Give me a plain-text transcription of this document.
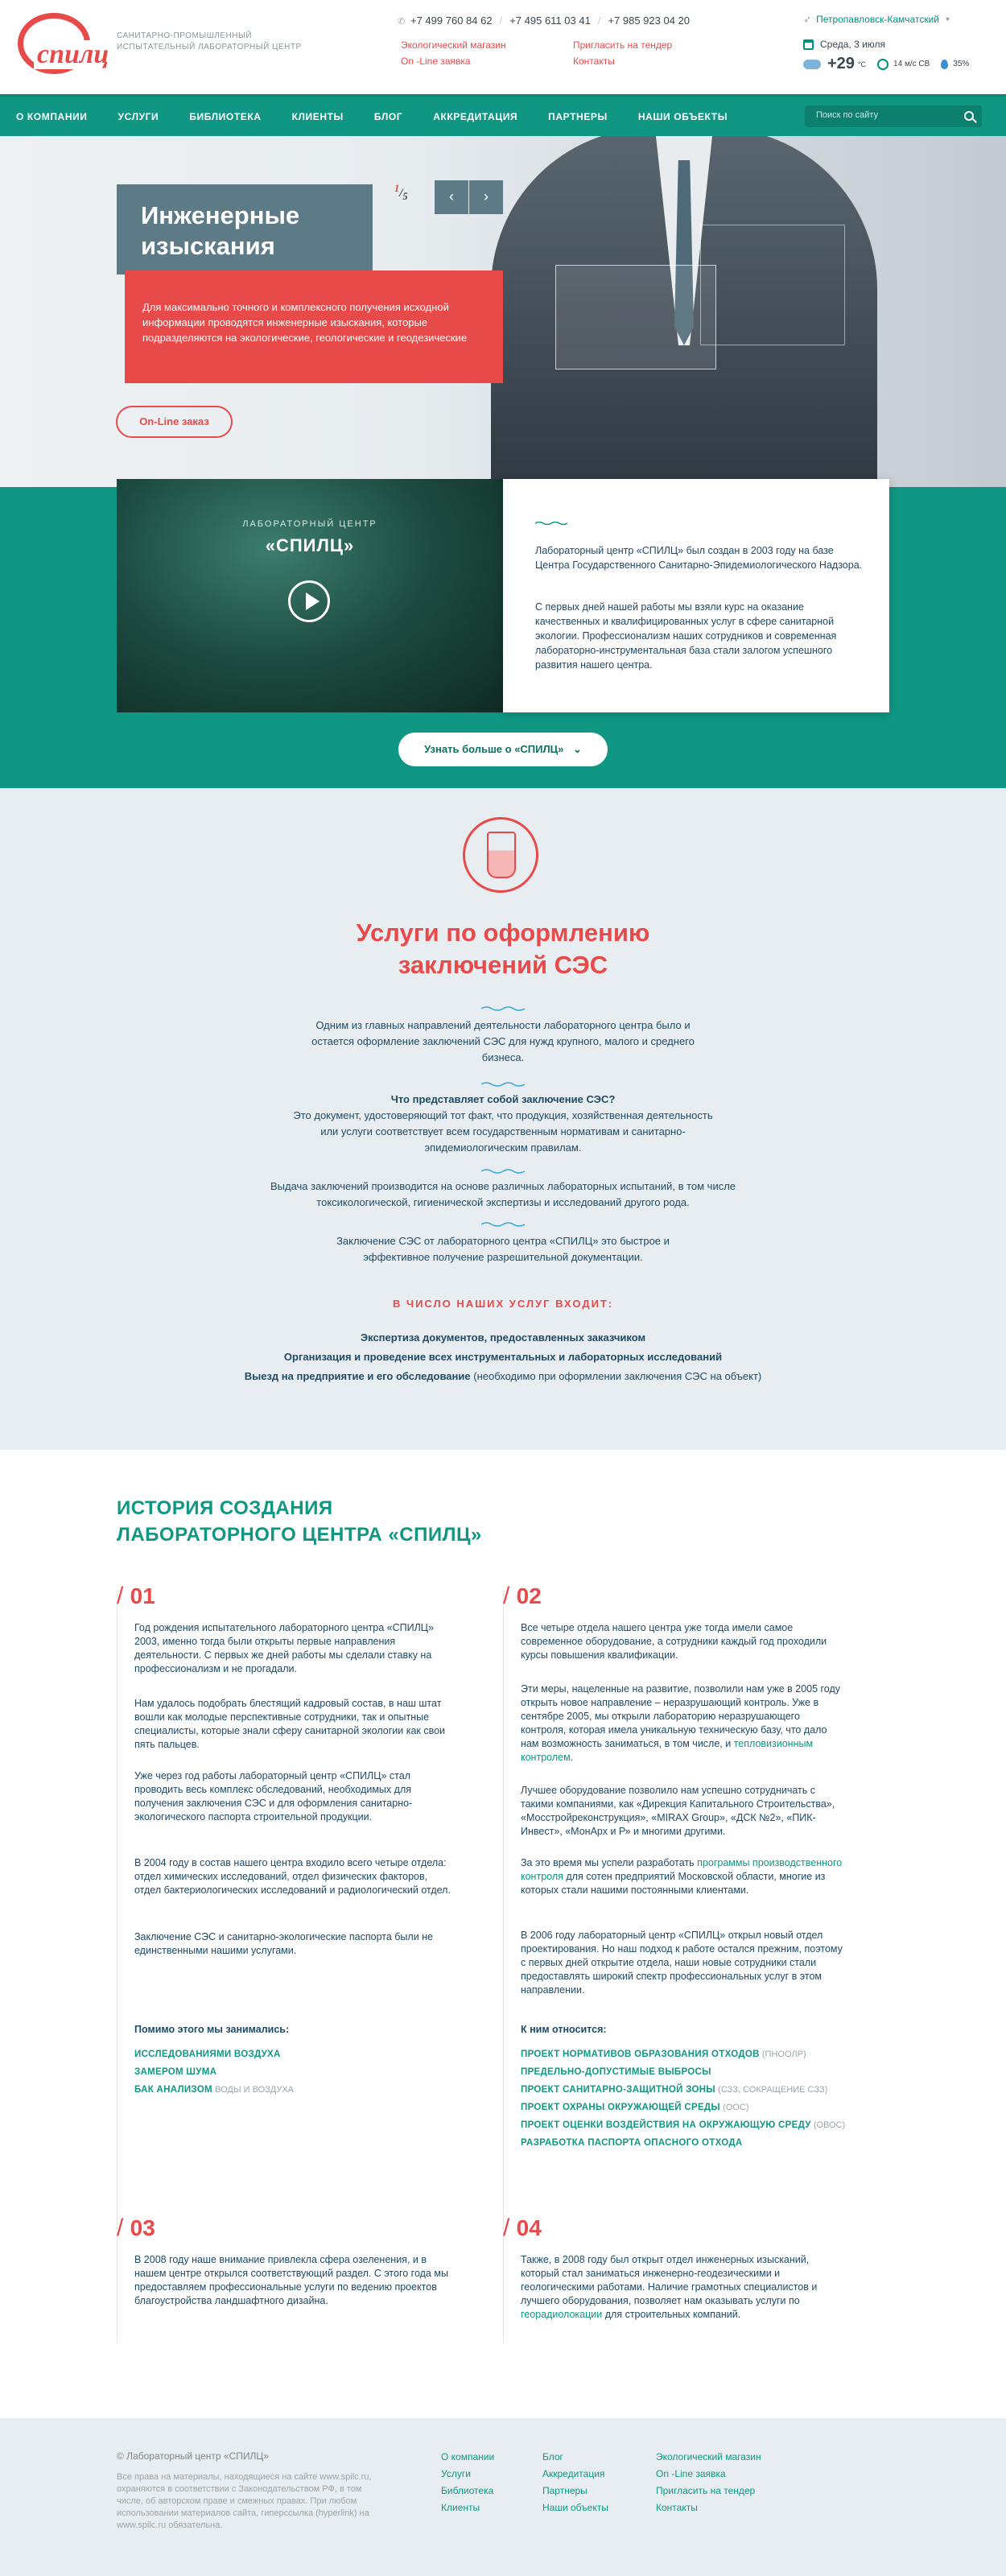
спилц
САНИТАРНО-ПРОМЫШЛЕННЫЙ ИСПЫТАТЕЛЬНЫЙ ЛАБОРАТОРНЫЙ ЦЕНТР
✆ +7 499 760 84 62 / +7 495 611 03 41 / +7 985 923 04 20
Экологический магазин	Пригласить на тендер
On -Line заявка	Контакты
➶ Петропавловск-Камчатский ▾
Среда, 3 июля
+29 °С	14 м/с СВ	35%
О КОМПАНИИ	УСЛУГИ	БИБЛИОТЕКА	КЛИЕНТЫ	БЛОГ	АККРЕДИТАЦИЯ	ПАРТНЕРЫ	НАШИ ОБЪЕКТЫ
Поиск по сайту
Инженерные изыскания

Для максимально точного и комплексного получения исходной информации проводятся инженерные изыскания, которые подразделяются на экологические, геологические и геодезические

$^1/_5$	‹	›
On-Line заказ
ЛАБОРАТОРНЫЙ ЦЕНТР
«СПИЛЦ»	Лабораторный центр «СПИЛЦ» был создан в 2003 году на базе Центра Государственного Санитарно-Эпидемиологического Надзора.

С первых дней нашей работы мы взяли курс на оказание качественных и квалифицированных услуг в сфере санитарной экологии. Профессионализм наших сотрудников и современная лабораторно-инструментальная база стали залогом успешного развития нашего центра.

Узнать больше о «СПИЛЦ» ⌄
Услуги по оформлению заключений СЭС
Одним из главных направлений деятельности лабораторного центра было и остается оформление заключений СЭС для нужд крупного, малого и среднего бизнеса.
Что представляет собой заключение СЭС?
Это документ, удостоверяющий тот факт, что продукция, хозяйственная деятельность или услуги соответствует всем государственным нормативам и санитарно-эпидемиологическим правилам.
Выдача заключений производится на основе различных лабораторных испытаний, в том числе токсикологической, гигиенической экспертизы и исследований другого рода.
Заключение СЭС от лабораторного центра «СПИЛЦ» это быстрое и эффективное получение разрешительной документации.
В ЧИСЛО НАШИХ УСЛУГ ВХОДИТ:
Экспертиза документов, предоставленных заказчиком
Организация и проведение всех инструментальных и лабораторных исследований
Выезд на предприятие и его обследование (необходимо при оформлении заключения СЭС на объект)
ИСТОРИЯ СОЗДАНИЯ ЛАБОРАТОРНОГО ЦЕНТРА «СПИЛЦ»
/ 01

Год рождения испытательного лабораторного центра «СПИЛЦ» 2003, именно тогда были открыты первые направления деятельности. С первых же дней работы мы сделали ставку на профессионализм и не прогадали.

Нам удалось подобрать блестящий кадровый состав, в наш штат вошли как молодые перспективные сотрудники, так и опытные специалисты, которые знали сферу санитарной экологии как свои пять пальцев.

Уже через год работы лабораторный центр «СПИЛЦ» стал проводить весь комплекс обследований, необходимых для получения заключения СЭС и для оформления санитарно-экологического паспорта строительной продукции.

В 2004 году в состав нашего центра входило всего четыре отдела: отдел химических исследований, отдел физических факторов, отдел бактериологических исследований и радиологический отдел.

Заключение СЭС и санитарно-экологические паспорта были не единственными нашими услугами.

Помимо этого мы занимались:
ИССЛЕДОВАНИЯМИ ВОЗДУХА
ЗАМЕРОМ ШУМА
БАК АНАЛИЗОМ ВОДЫ И ВОЗДУХА
/ 02

Все четыре отдела нашего центра уже тогда имели самое современное оборудование, а сотрудники каждый год проходили курсы повышения квалификации.

Эти меры, нацеленные на развитие, позволили нам уже в 2005 году открыть новое направление – неразрушающий контроль. Уже в сентябре 2005, мы открыли лабораторию неразрушающего контроля, которая имела уникальную техническую базу, что дало нам возможность заниматься, в том числе, и тепловизионным контролем.

Лучшее оборудование позволило нам успешно сотрудничать с такими компаниями, как «Дирекция Капитального Строительства», «Мосстройреконструкция», «MIRAX Group», «ДСК №2», «ПИК-Инвест», «МонАрх и Р» и многими другими.

За это время мы успели разработать программы производственного контроля для сотен предприятий Московской области, многие из которых стали нашими постоянными клиентами.

В 2006 году лабораторный центр «СПИЛЦ» открыл новый отдел проектирования. Но наш подход к работе остался прежним, поэтому с первых дней открытие отдела, наши новые сотрудники стали предоставлять широкий спектр профессиональных услуг в этом направлении.

К ним относится:
ПРОЕКТ НОРМАТИВОВ ОБРАЗОВАНИЯ ОТХОДОВ (ПНООЛР)
ПРЕДЕЛЬНО-ДОПУСТИМЫЕ ВЫБРОСЫ
ПРОЕКТ САНИТАРНО-ЗАЩИТНОЙ ЗОНЫ (СЗЗ, СОКРАЩЕНИЕ СЗЗ)
ПРОЕКТ ОХРАНЫ ОКРУЖАЮЩЕЙ СРЕДЫ (ООС)
ПРОЕКТ ОЦЕНКИ ВОЗДЕЙСТВИЯ НА ОКРУЖАЮЩУЮ СРЕДУ (ОВОС)
РАЗРАБОТКА ПАСПОРТА ОПАСНОГО ОТХОДА
/ 03

В 2008 году наше внимание привлекла сфера озеленения, и в нашем центре открылся соответствующий раздел. С этого года мы предоставляем профессиональные услуги по ведению проектов благоустройства ландшафтного дизайна.

/ 04

Также, в 2008 году был открыт отдел инженерных изысканий, который стал заниматься инженерно-геодезическими и геологическими работами. Наличие грамотных специалистов и лучшего оборудования, позволяет нам оказывать услуги по георадиолокации для строительных компаний.

© Лабораторный центр «СПИЛЦ»
Все права на материалы, находящиеся на сайте www.spilc.ru, охраняются в соответствии с Законодательством РФ, в том числе, об авторском праве и смежных правах. При любом использовании материалов сайта, гиперссылка (hyperlink) на www.spilc.ru обязательна.
О компании
Услуги
Библиотека
Клиенты
Блог
Аккредитация
Партнеры
Наши объекты
Экологический магазин
On -Line заявка
Пригласить на тендер
Контакты
